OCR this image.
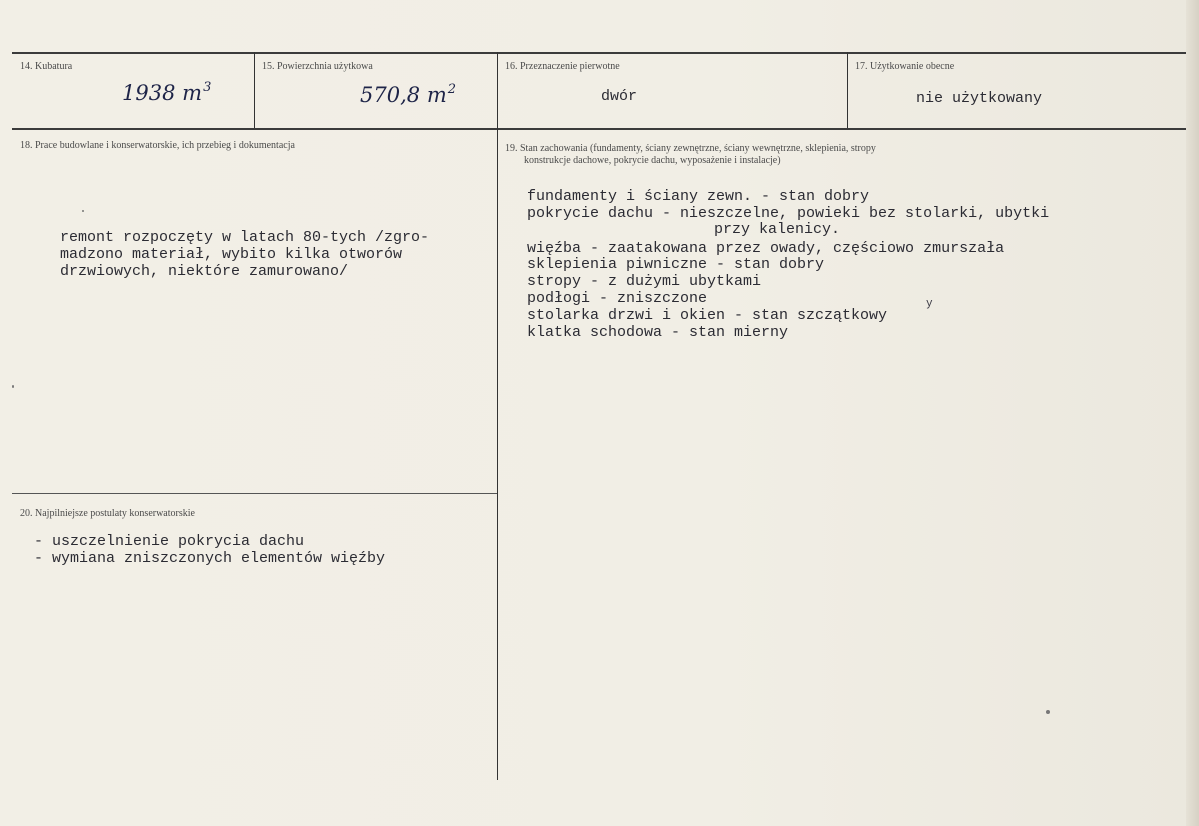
14. Kubatura
1938 $m^3$
15. Powierzchnia użytkowa
570,8 $m^2$
16. Przeznaczenie pierwotne
dwór
17. Użytkowanie obecne
nie użytkowany
18. Prace budowlane i konserwatorskie, ich przebieg i dokumentacja
remont rozpoczęty w latach 80-tych /zgro-
madzono materiał, wybito kilka otworów
drzwiowych, niektóre zamurowano/
19. Stan zachowania (fundamenty, ściany zewnętrzne, ściany wewnętrzne, sklepienia, stropy
konstrukcje dachowe, pokrycie dachu, wyposażenie i instalacje)
fundamenty i ściany zewn. - stan dobry
pokrycie dachu - nieszczelne, powieki bez stolarki, ubytki
przy kalenicy.
więźba - zaatakowana przez owady, częściowo zmurszała
sklepienia piwniczne - stan dobry
stropy - z dużymi ubytkami
podłogi - zniszczone
stolarka drzwi i okien - stan szczątkowy
y
klatka schodowa - stan mierny
20. Najpilniejsze postulaty konserwatorskie
- uszczelnienie pokrycia dachu
- wymiana zniszczonych elementów więźby
